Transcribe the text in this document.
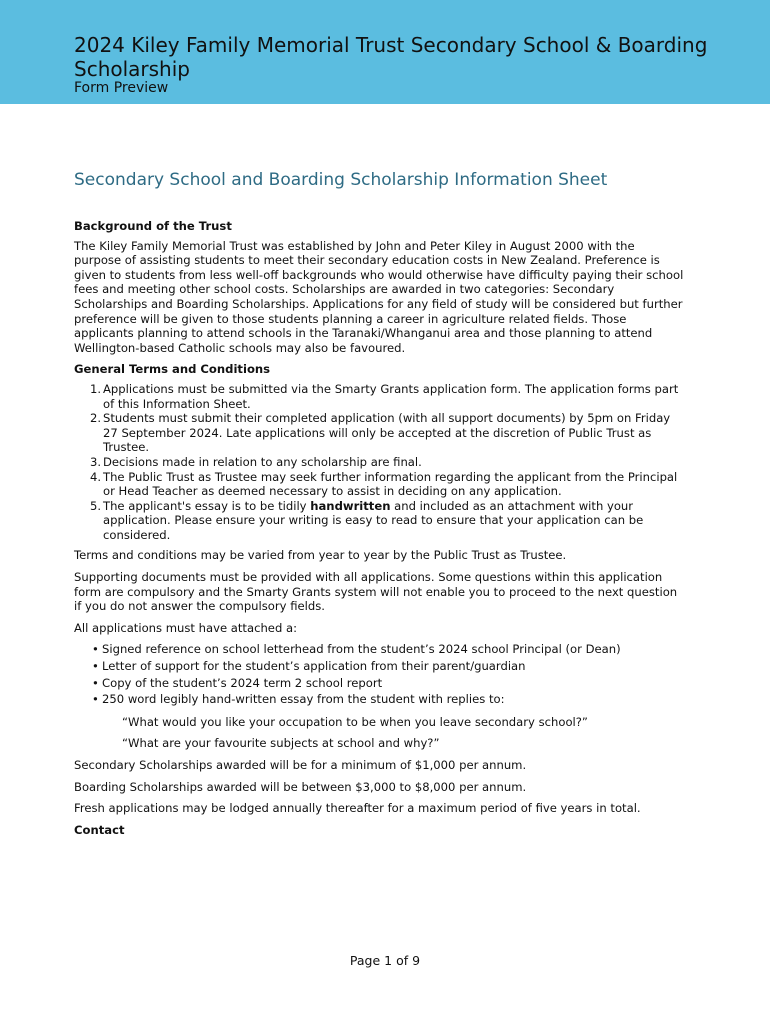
2024 Kiley Family Memorial Trust Secondary School & Boarding Scholarship
Form Preview
Secondary School and Boarding Scholarship Information Sheet
Background of the Trust

The Kiley Family Memorial Trust was established by John and Peter Kiley in August 2000 with the purpose of assisting students to meet their secondary education costs in New Zealand. Preference is given to students from less well-off backgrounds who would otherwise have difficulty paying their school fees and meeting other school costs. Scholarships are awarded in two categories: Secondary Scholarships and Boarding Scholarships. Applications for any field of study will be considered but further preference will be given to those students planning a career in agriculture related fields. Those applicants planning to attend schools in the Taranaki/Whanganui area and those planning to attend Wellington-based Catholic schools may also be favoured.

General Terms and Conditions
1. Applications must be submitted via the Smarty Grants application form. The application forms part of this Information Sheet.
2. Students must submit their completed application (with all support documents) by 5pm on Friday 27 September 2024. Late applications will only be accepted at the discretion of Public Trust as Trustee.
3. Decisions made in relation to any scholarship are final.
4. The Public Trust as Trustee may seek further information regarding the applicant from the Principal or Head Teacher as deemed necessary to assist in deciding on any application.
5. The applicant's essay is to be tidily handwritten and included as an attachment with your application. Please ensure your writing is easy to read to ensure that your application can be considered.

Terms and conditions may be varied from year to year by the Public Trust as Trustee.

Supporting documents must be provided with all applications. Some questions within this application form are compulsory and the Smarty Grants system will not enable you to proceed to the next question if you do not answer the compulsory fields.

All applications must have attached a:

• Signed reference on school letterhead from the student’s 2024 school Principal (or Dean)
• Letter of support for the student’s application from their parent/guardian
• Copy of the student’s 2024 term 2 school report
• 250 word legibly hand-written essay from the student with replies to:

“What would you like your occupation to be when you leave secondary school?”

“What are your favourite subjects at school and why?”

Secondary Scholarships awarded will be for a minimum of $1,000 per annum.

Boarding Scholarships awarded will be between $3,000 to $8,000 per annum.

Fresh applications may be lodged annually thereafter for a maximum period of five years in total.

Contact
Page 1 of 9
